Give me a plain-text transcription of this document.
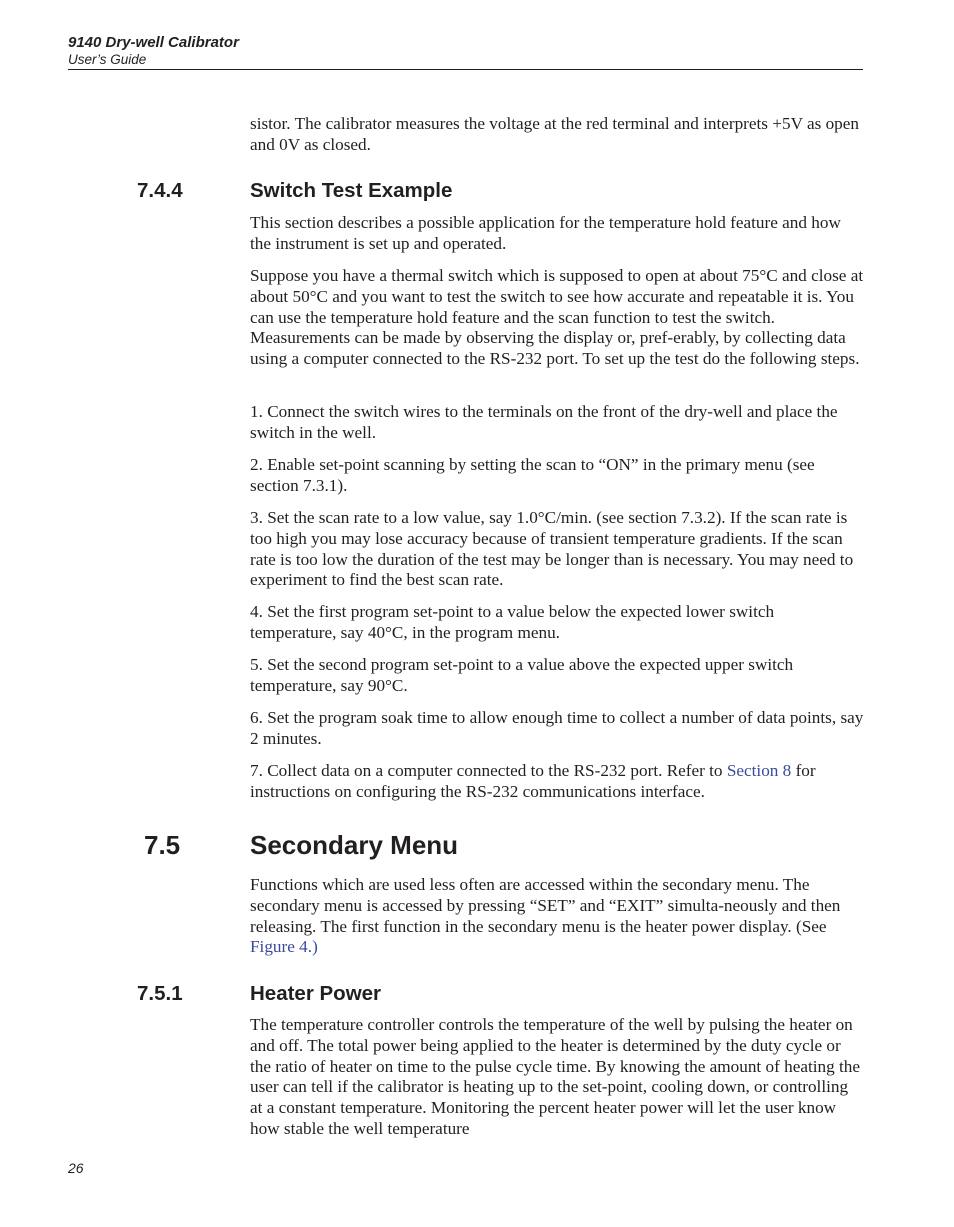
9140 Dry-well Calibrator
User’s Guide

sistor. The calibrator measures the voltage at the red terminal and interprets +5V as open and 0V as closed.

7.4.4	Switch Test Example

This section describes a possible application for the temperature hold feature and how the instrument is set up and operated.

Suppose you have a thermal switch which is supposed to open at about 75°C and close at about 50°C and you want to test the switch to see how accurate and repeatable it is. You can use the temperature hold feature and the scan function to test the switch. Measurements can be made by observing the display or, pref-erably, by collecting data using a computer connected to the RS-232 port. To set up the test do the following steps.

1. Connect the switch wires to the terminals on the front of the dry-well and place the switch in the well.

2. Enable set-point scanning by setting the scan to “ON” in the primary menu (see section 7.3.1).

3. Set the scan rate to a low value, say 1.0°C/min. (see section 7.3.2). If the scan rate is too high you may lose accuracy because of transient temperature gradients. If the scan rate is too low the duration of the test may be longer than is necessary. You may need to experiment to find the best scan rate.

4. Set the first program set-point to a value below the expected lower switch temperature, say 40°C, in the program menu.

5. Set the second program set-point to a value above the expected upper switch temperature, say 90°C.

6. Set the program soak time to allow enough time to collect a number of data points, say 2 minutes.

7. Collect data on a computer connected to the RS-232 port. Refer to Section 8 for instructions on configuring the RS-232 communications interface.

7.5	Secondary Menu

Functions which are used less often are accessed within the secondary menu. The secondary menu is accessed by pressing “SET” and “EXIT” simulta-neously and then releasing. The first function in the secondary menu is the heater power display. (See Figure 4.)

7.5.1	Heater Power

The temperature controller controls the temperature of the well by pulsing the heater on and off. The total power being applied to the heater is determined by the duty cycle or the ratio of heater on time to the pulse cycle time. By knowing the amount of heating the user can tell if the calibrator is heating up to the set-point, cooling down, or controlling at a constant temperature. Monitoring the percent heater power will let the user know how stable the well temperature

26
